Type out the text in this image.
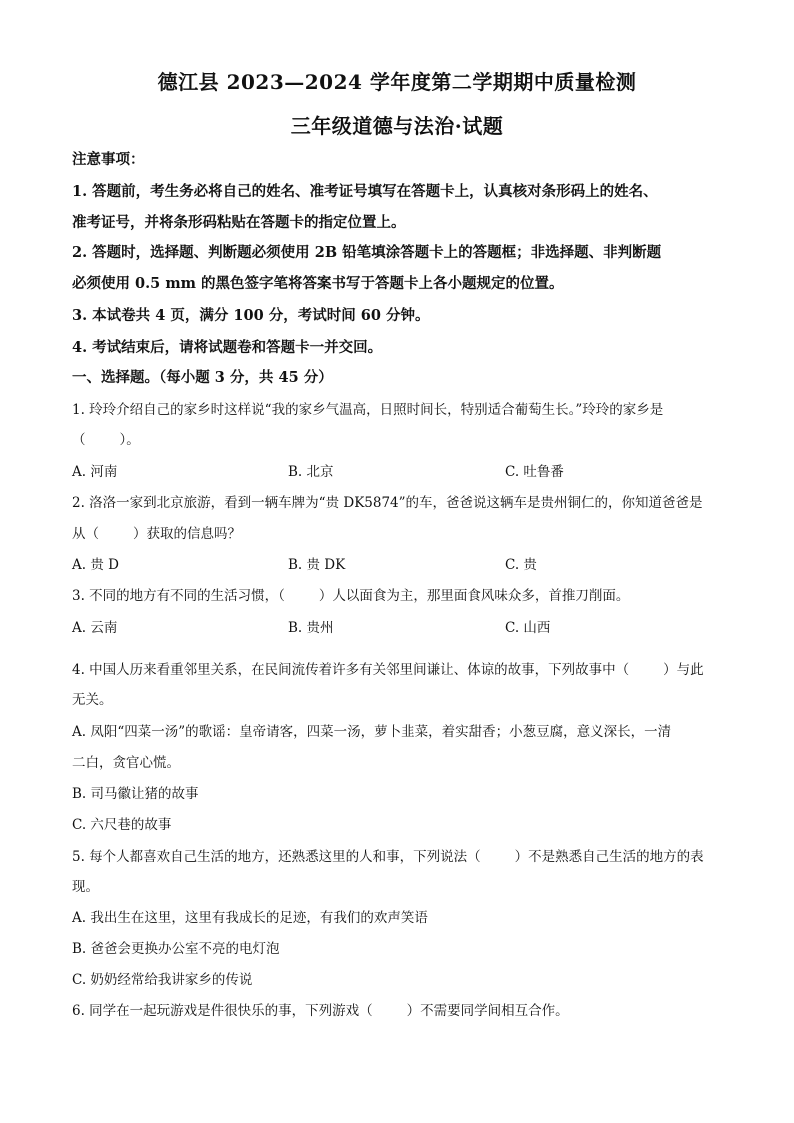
德江县 2023—2024 学年度第二学期期中质量检测
三年级道德与法治·试题
注意事项：
1. 答题前，考生务必将自己的姓名、准考证号填写在答题卡上，认真核对条形码上的姓名、
准考证号，并将条形码粘贴在答题卡的指定位置上。
2. 答题时，选择题、判断题必须使用 2B 铅笔填涂答题卡上的答题框；非选择题、非判断题
必须使用 0.5 mm 的黑色签字笔将答案书写于答题卡上各小题规定的位置。
3. 本试卷共 4 页，满分 100 分，考试时间 60 分钟。
4. 考试结束后，请将试题卷和答题卡一并交回。
一、选择题。（每小题 3 分，共 45 分）
1. 玲玲介绍自己的家乡时这样说“我的家乡气温高，日照时间长，特别适合葡萄生长。”玲玲的家乡是
（	）。
A. 河南	B. 北京	C. 吐鲁番
2. 洛洛一家到北京旅游，看到一辆车牌为“贵 DK5874”的车，爸爸说这辆车是贵州铜仁的，你知道爸爸是
从（	）获取的信息吗？
A. 贵 D	B. 贵 DK	C. 贵
3. 不同的地方有不同的生活习惯，（	）人以面食为主，那里面食风味众多，首推刀削面。
A. 云南	B. 贵州	C. 山西
4. 中国人历来看重邻里关系，在民间流传着许多有关邻里间谦让、体谅的故事，下列故事中（	）与此
无关。
A. 凤阳“四菜一汤”的歌谣：皇帝请客，四菜一汤，萝卜韭菜，着实甜香；小葱豆腐，意义深长，一清
二白，贪官心慌。
B. 司马徽让猪的故事
C. 六尺巷的故事
5. 每个人都喜欢自己生活的地方，还熟悉这里的人和事，下列说法（	）不是熟悉自己生活的地方的表
现。
A. 我出生在这里，这里有我成长的足迹，有我们的欢声笑语
B. 爸爸会更换办公室不亮的电灯泡
C. 奶奶经常给我讲家乡的传说
6. 同学在一起玩游戏是件很快乐的事，下列游戏（	）不需要同学间相互合作。
